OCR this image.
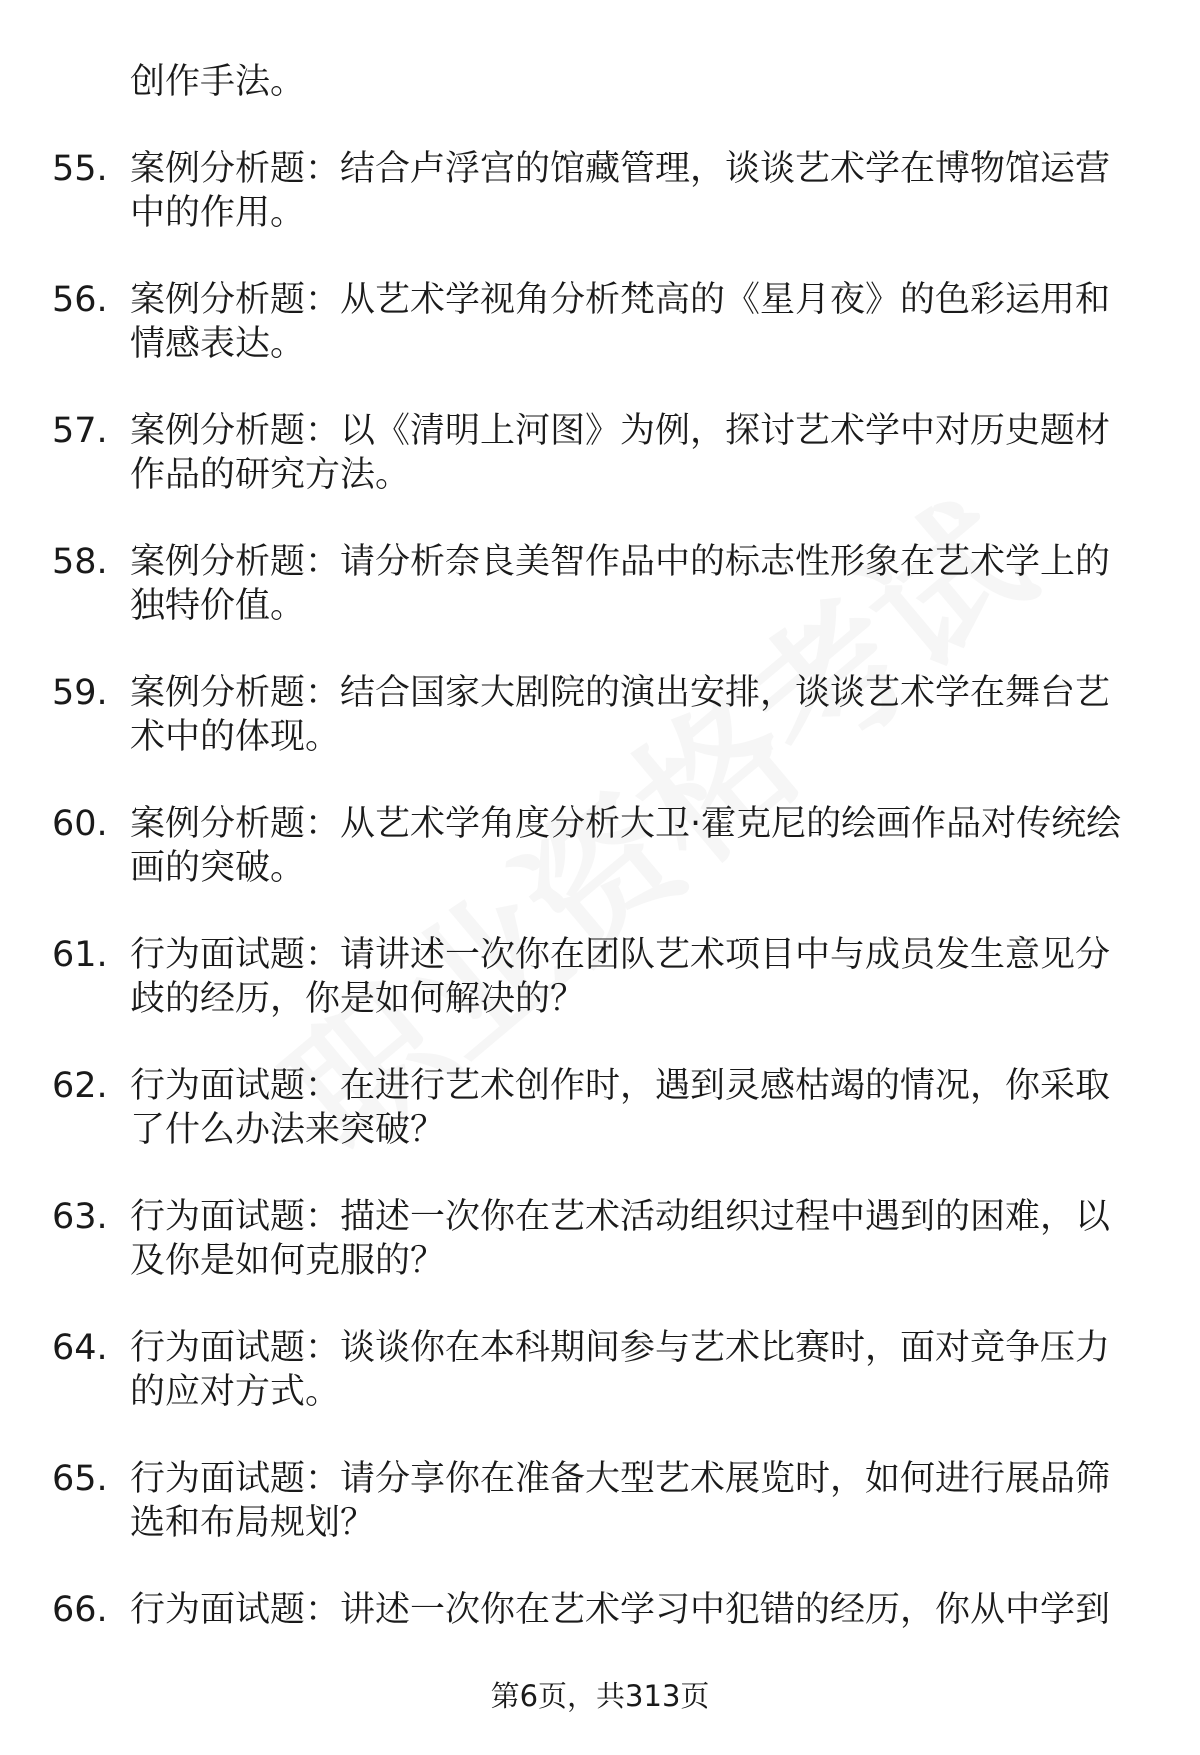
创作手法。
55. 案例分析题：结合卢浮宫的馆藏管理，谈谈艺术学在博物馆运营
中的作用。
56. 案例分析题：从艺术学视角分析梵高的《星月夜》的色彩运用和
情感表达。
57. 案例分析题：以《清明上河图》为例，探讨艺术学中对历史题材
作品的研究方法。
58. 案例分析题：请分析奈良美智作品中的标志性形象在艺术学上的
独特价值。
59. 案例分析题：结合国家大剧院的演出安排，谈谈艺术学在舞台艺
术中的体现。
60. 案例分析题：从艺术学角度分析大卫·霍克尼的绘画作品对传统绘
画的突破。
61. 行为面试题：请讲述一次你在团队艺术项目中与成员发生意见分
歧的经历，你是如何解决的？
62. 行为面试题：在进行艺术创作时，遇到灵感枯竭的情况，你采取
了什么办法来突破？
63. 行为面试题：描述一次你在艺术活动组织过程中遇到的困难，以
及你是如何克服的？
64. 行为面试题：谈谈你在本科期间参与艺术比赛时，面对竞争压力
的应对方式。
65. 行为面试题：请分享你在准备大型艺术展览时，如何进行展品筛
选和布局规划？
66. 行为面试题：讲述一次你在艺术学习中犯错的经历，你从中学到
第6页，共313页
